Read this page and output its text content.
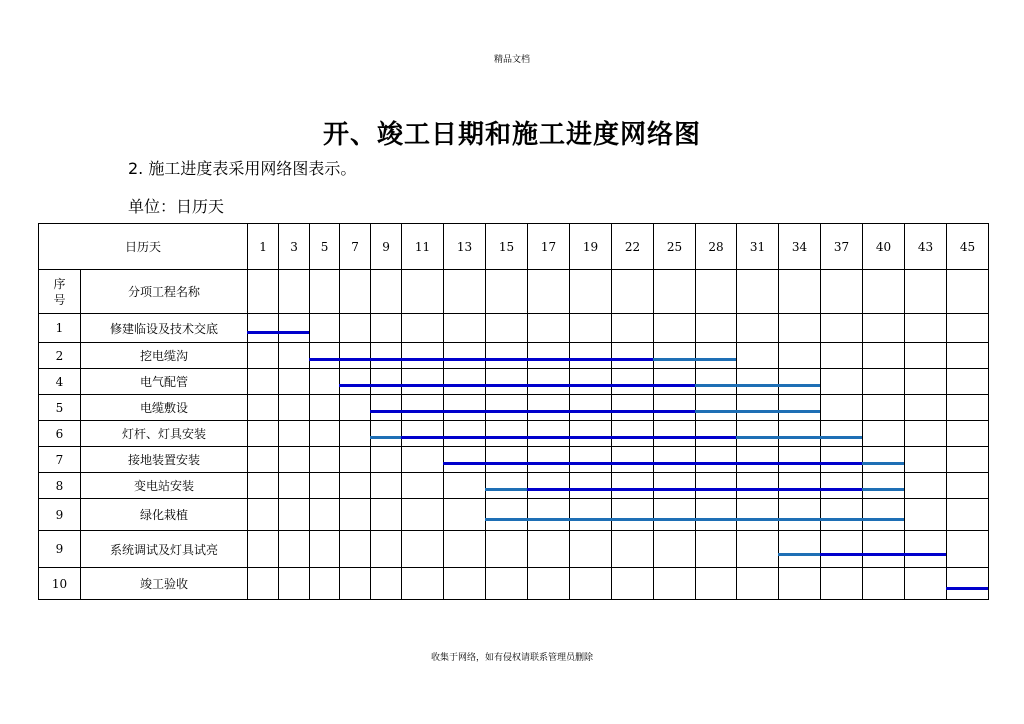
精品文档
开、竣工日期和施工进度网络图
2. 施工进度表采用网络图表示。
单位：日历天
日历天		1	3	5	7	9	11	13	15	17	19	22	25	28	31	34	37	40	43	45
序
号	分项工程名称																			
1	修建临设及技术交底																			
2	挖电缆沟																			
4	电气配管																			
5	电缆敷设																			
6	灯杆、灯具安装																			
7	接地装置安装																			
8	变电站安装																			
9	绿化栽植																			
9	系统调试及灯具试亮																			
10	竣工验收																			
收集于网络，如有侵权请联系管理员删除
